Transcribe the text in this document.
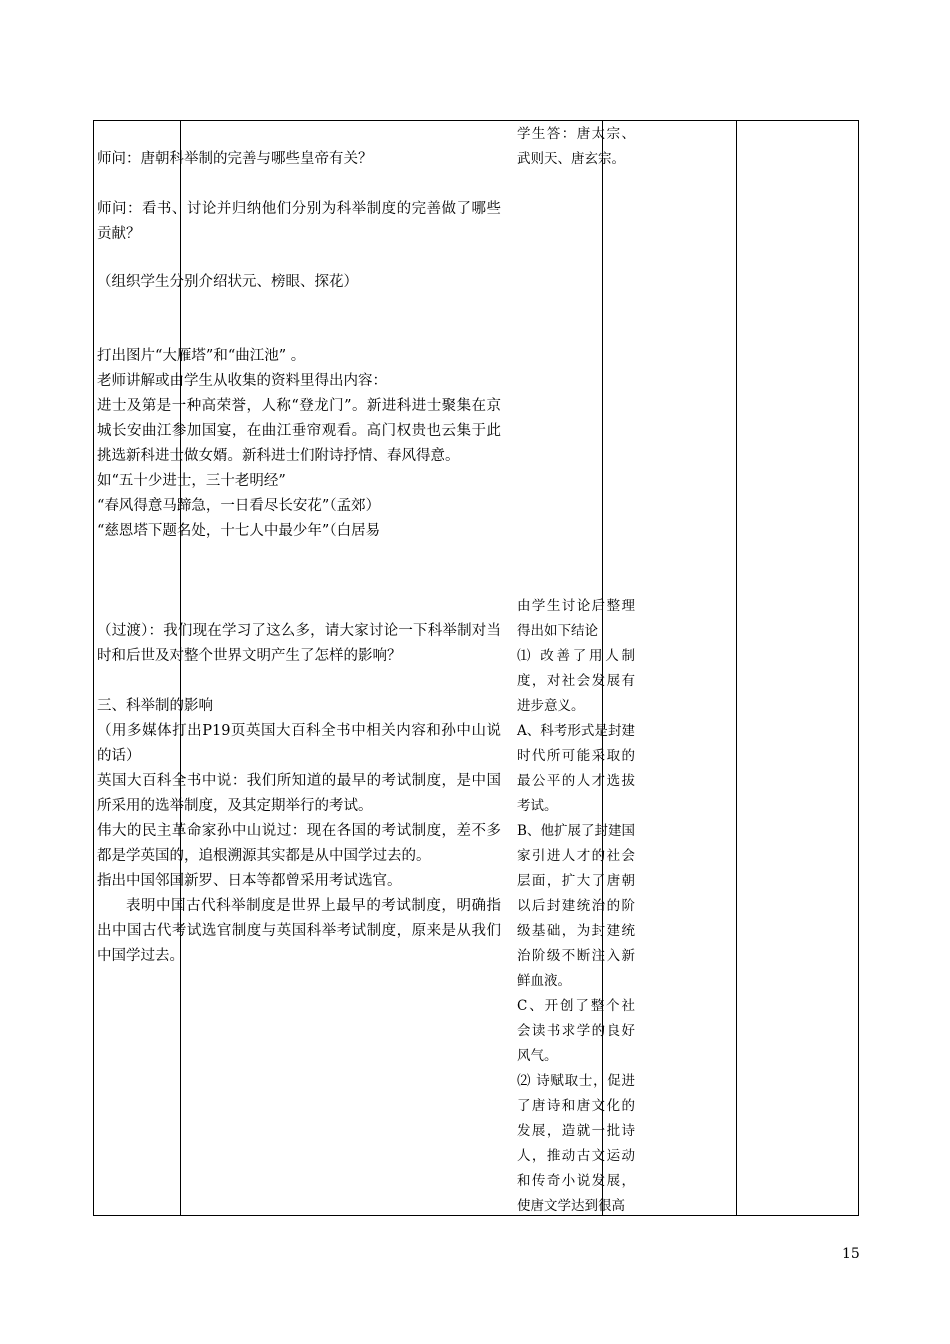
15

师问：唐朝科举制的完善与哪些皇帝有关？

师问：看书、讨论并归纳他们分别为科举制度的完善做了哪些贡献？

（组织学生分别介绍状元、榜眼、探花）

打出图片“大雁塔”和“曲江池” 。

老师讲解或由学生从收集的资料里得出内容：

进士及第是一种高荣誉，人称“登龙门”。新进科进士聚集在京城长安曲江参加国宴，在曲江垂帘观看。高门权贵也云集于此挑选新科进士做女婿。新科进士们附诗抒情、春风得意。

如“五十少进士，三十老明经”

“春风得意马蹄急，一日看尽长安花”（孟郊）

“慈恩塔下题名处，十七人中最少年”（白居易

（过渡）：我们现在学习了这么多，请大家讨论一下科举制对当时和后世及对整个世界文明产生了怎样的影响？

三、科举制的影响

（用多媒体打出P19页英国大百科全书中相关内容和孙中山说的话）

英国大百科全书中说：我们所知道的最早的考试制度，是中国所采用的选举制度，及其定期举行的考试。

伟大的民主革命家孙中山说过：现在各国的考试制度，差不多都是学英国的，追根溯源其实都是从中国学过去的。

指出中国邻国新罗、日本等都曾采用考试选官。

表明中国古代科举制度是世界上最早的考试制度，明确指出中国古代考试选官制度与英国科举考试制度，原来是从我们中国学过去。

学生答：唐太宗、武则天、唐玄宗。

由学生讨论后整理得出如下结论

⑴ 改善了用人制度，对社会发展有进步意义。

A、科考形式是封建时代所可能采取的最公平的人才选拔考试。

B、他扩展了封建国家引进人才的社会层面，扩大了唐朝以后封建统治的阶级基础，为封建统治阶级不断注入新鲜血液。

C、开创了整个社会读书求学的良好风气。

⑵ 诗赋取士，促进了唐诗和唐文化的发展，造就一批诗人，推动古文运动和传奇小说发展，使唐文学达到很高
